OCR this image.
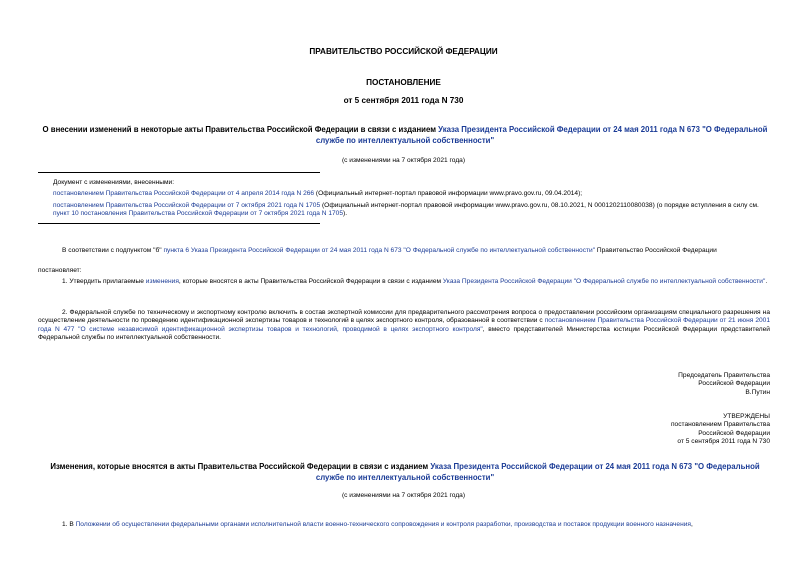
ПРАВИТЕЛЬСТВО РОССИЙСКОЙ ФЕДЕРАЦИИ
ПОСТАНОВЛЕНИЕ
от 5 сентября 2011 года N 730
О внесении изменений в некоторые акты Правительства Российской Федерации в связи с изданием Указа Президента Российской Федерации от 24 мая 2011 года N 673 "О Федеральной службе по интеллектуальной собственности"
(с изменениями на 7 октября 2021 года)
Документ с изменениями, внесенными:
постановлением Правительства Российской Федерации от 4 апреля 2014 года N 266 (Официальный интернет-портал правовой информации www.pravo.gov.ru, 09.04.2014);
постановлением Правительства Российской Федерации от 7 октября 2021 года N 1705 (Официальный интернет-портал правовой информации www.pravo.gov.ru, 08.10.2021, N 0001202110080038) (о порядке вступления в силу см. пункт 10 постановления Правительства Российской Федерации от 7 октября 2021 года N 1705).
В соответствии с подпунктом "б" пункта 6 Указа Президента Российской Федерации от 24 мая 2011 года N 673 "О Федеральной службе по интеллектуальной собственности" Правительство Российской Федерации
постановляет:
1. Утвердить прилагаемые изменения, которые вносятся в акты Правительства Российской Федерации в связи с изданием Указа Президента Российской Федерации "О Федеральной службе по интеллектуальной собственности".
2. Федеральной службе по техническому и экспортному контролю включить в состав экспертной комиссии для предварительного рассмотрения вопроса о предоставлении российским организациям специального разрешения на осуществление деятельности по проведению идентификационной экспертизы товаров и технологий в целях экспортного контроля, образованной в соответствии с постановлением Правительства Российской Федерации от 21 июня 2001 года N 477 "О системе независимой идентификационной экспертизы товаров и технологий, проводимой в целях экспортного контроля", вместо представителей Министерства юстиции Российской Федерации представителей Федеральной службы по интеллектуальной собственности.
Председатель Правительства
Российской Федерации
В.Путин
УТВЕРЖДЕНЫ
постановлением Правительства
Российской Федерации
от 5 сентября 2011 года N 730
Изменения, которые вносятся в акты Правительства Российской Федерации в связи с изданием Указа Президента Российской Федерации от 24 мая 2011 года N 673 "О Федеральной службе по интеллектуальной собственности"
(с изменениями на 7 октября 2021 года)
1. В Положении об осуществлении федеральными органами исполнительной власти военно-технического сопровождения и контроля разработки, производства и поставок продукции военного назначения,
